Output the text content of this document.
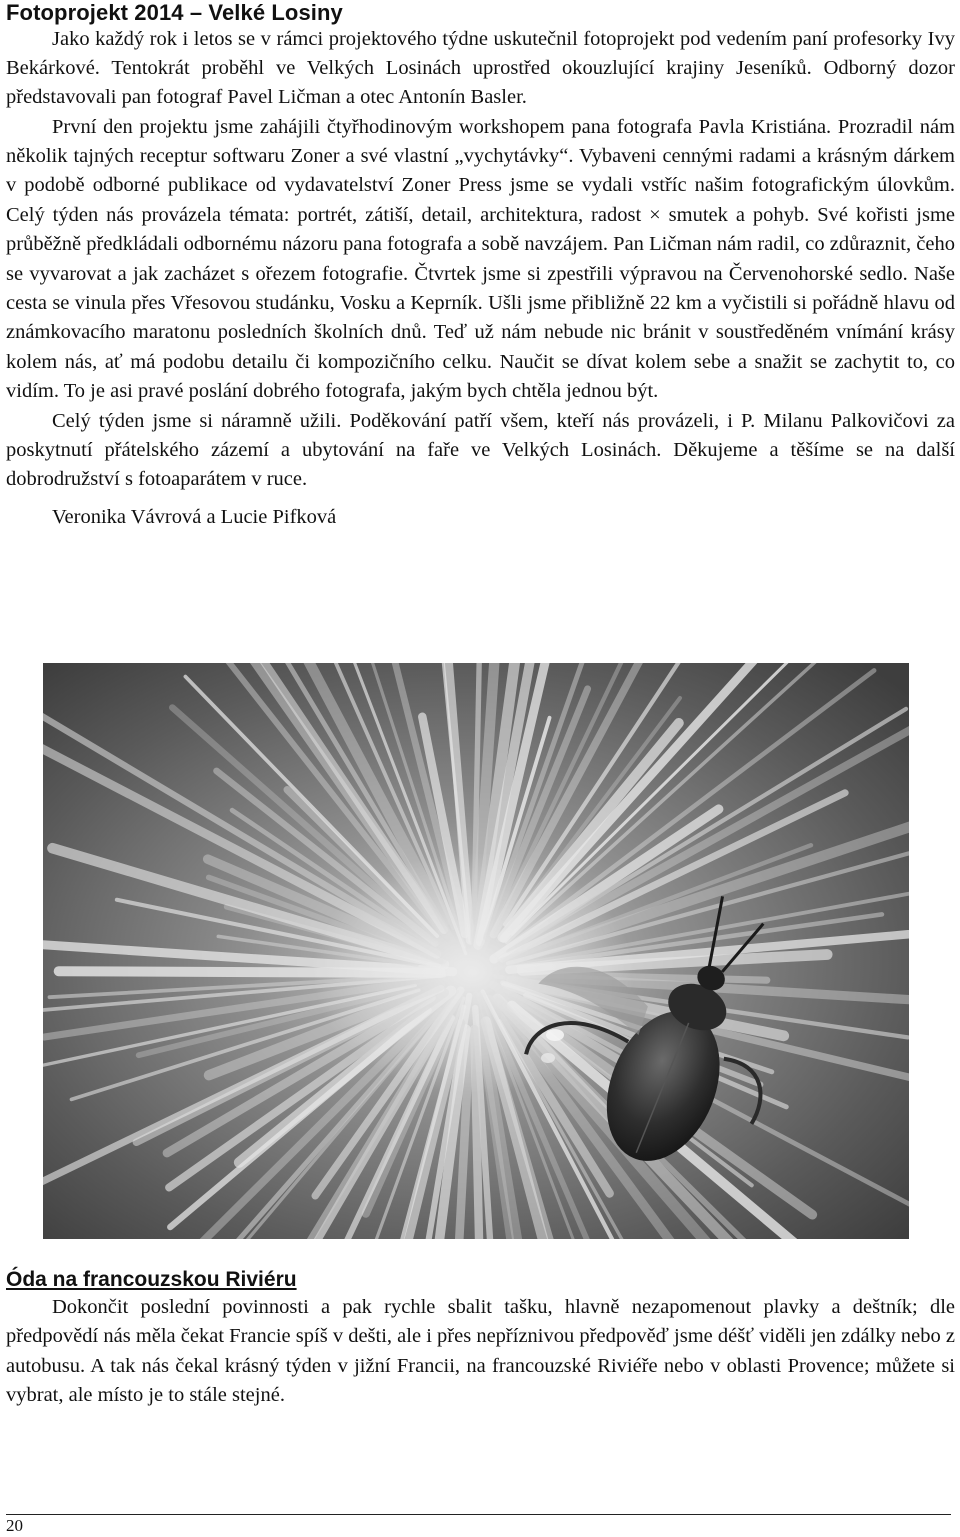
Fotoprojekt 2014 – Velké Losiny

Jako každý rok i letos se v rámci projektového týdne uskutečnil fotoprojekt pod vedením paní profesorky Ivy Bekárkové. Tentokrát proběhl ve Velkých Losinách uprostřed okouzlující krajiny Jeseníků. Odborný dozor představovali pan fotograf Pavel Ličman a otec Antonín Basler.

První den projektu jsme zahájili čtyřhodinovým workshopem pana fotografa Pavla Kristiána. Prozradil nám několik tajných receptur softwaru Zoner a své vlastní „vychytávky“. Vybaveni cennými radami a krásným dárkem v podobě odborné publikace od vydavatelství Zoner Press jsme se vydali vstříc našim fotografickým úlovkům. Celý týden nás provázela témata: portrét, zátiší, detail, architektura, radost × smutek a pohyb. Své kořisti jsme průběžně předkládali odbornému názoru pana fotografa a sobě navzájem. Pan Ličman nám radil, co zdůraznit, čeho se vyvarovat a jak zacházet s ořezem fotografie. Čtvrtek jsme si zpestřili výpravou na Červenohorské sedlo. Naše cesta se vinula přes Vřesovou studánku, Vosku a Keprník. Ušli jsme přibližně 22 km a vyčistili si pořádně hlavu od známkovacího maratonu posledních školních dnů. Teď už nám nebude nic bránit v soustředěném vnímání krásy kolem nás, ať má podobu detailu či kompozičního celku. Naučit se dívat kolem sebe a snažit se zachytit to, co vidím. To je asi pravé poslání dobrého fotografa, jakým bych chtěla jednou být.

Celý týden jsme si náramně užili. Poděkování patří všem, kteří nás provázeli, i P. Milanu Palkovičovi za poskytnutí přátelského zázemí a ubytování na faře ve Velkých Losinách. Děkujeme a těšíme se na další dobrodružství s fotoaparátem v ruce.

Veronika Vávrová a Lucie Pifková

Óda na francouzskou Riviéru

Dokončit poslední povinnosti a pak rychle sbalit tašku, hlavně nezapomenout plavky a deštník; dle předpovědí nás měla čekat Francie spíš v dešti, ale i přes nepříznivou předpověď jsme déšť viděli jen zdálky nebo z autobusu. A tak nás čekal krásný týden v jižní Francii, na francouzské Riviéře nebo v oblasti Provence; můžete si vybrat, ale místo je to stále stejné.

20
